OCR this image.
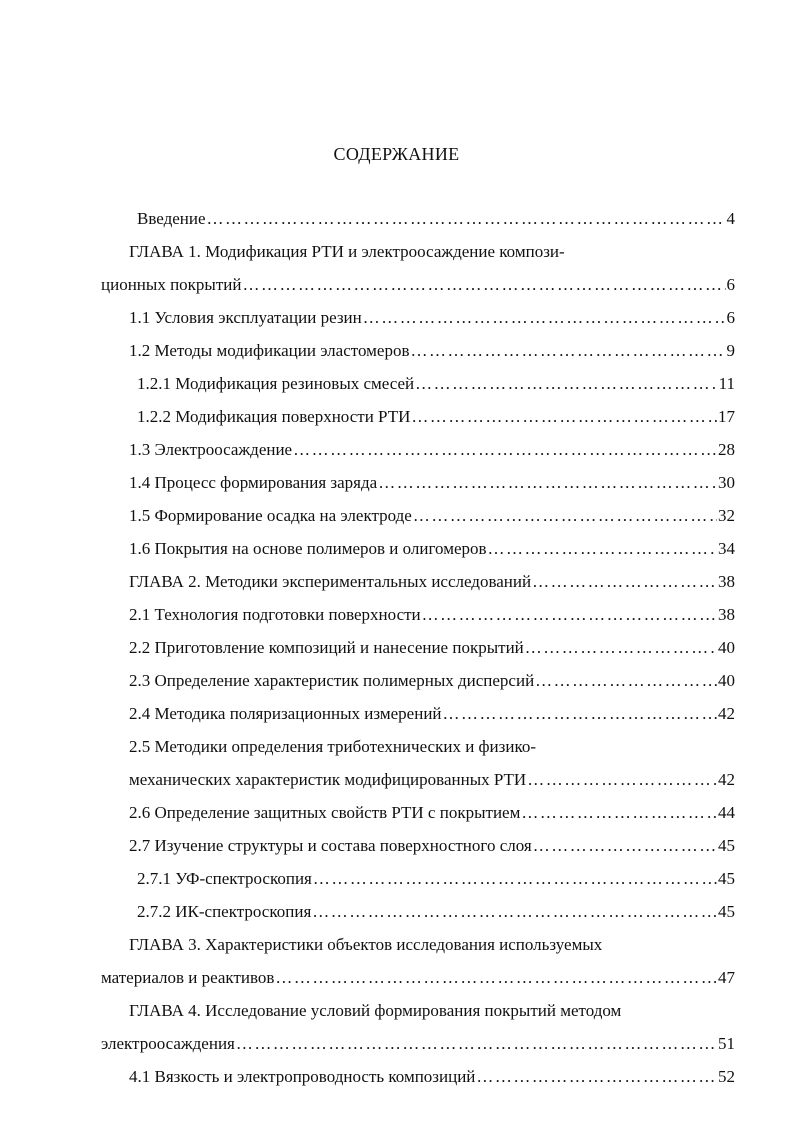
СОДЕРЖАНИЕ
Введение …………………………………………………………………………………………………………………………………………………	4
ГЛАВА 1. Модификация РТИ и электроосаждение компози-
ционных покрытий …………………………………………………………………………………………………………………………………………………	6
1.1 Условия эксплуатации резин …………………………………………………………………………………………………………………………………………………	6
1.2 Методы модификации эластомеров …………………………………………………………………………………………………………………………………………………	9
1.2.1 Модификация резиновых смесей …………………………………………………………………………………………………………………………………………………	11
1.2.2 Модификация поверхности РТИ …………………………………………………………………………………………………………………………………………………	17
1.3 Электроосаждение …………………………………………………………………………………………………………………………………………………	28
1.4 Процесс формирования заряда …………………………………………………………………………………………………………………………………………………	30
1.5 Формирование осадка на электроде …………………………………………………………………………………………………………………………………………………	32
1.6 Покрытия на основе полимеров и олигомеров …………………………………………………………………………………………………………………………………………………	34
ГЛАВА 2. Методики экспериментальных исследований …………………………………………………………………………………………………………………………………………………	38
2.1 Технология подготовки поверхности …………………………………………………………………………………………………………………………………………………	38
2.2 Приготовление композиций и нанесение покрытий …………………………………………………………………………………………………………………………………………………	40
2.3 Определение характеристик полимерных дисперсий …………………………………………………………………………………………………………………………………………………	40
2.4 Методика поляризационных измерений …………………………………………………………………………………………………………………………………………………	42
2.5 Методики определения триботехнических и физико-
механических характеристик модифицированных РТИ …………………………………………………………………………………………………………………………………………………	42
2.6 Определение защитных свойств РТИ с покрытием …………………………………………………………………………………………………………………………………………………	44
2.7 Изучение структуры и состава поверхностного слоя …………………………………………………………………………………………………………………………………………………	45
2.7.1 УФ-спектроскопия …………………………………………………………………………………………………………………………………………………	45
2.7.2 ИК-спектроскопия …………………………………………………………………………………………………………………………………………………	45
ГЛАВА 3. Характеристики объектов исследования используемых
материалов и реактивов …………………………………………………………………………………………………………………………………………………	47
ГЛАВА 4. Исследование условий формирования покрытий методом
электроосаждения …………………………………………………………………………………………………………………………………………………	51
4.1 Вязкость и электропроводность композиций …………………………………………………………………………………………………………………………………………………	52
